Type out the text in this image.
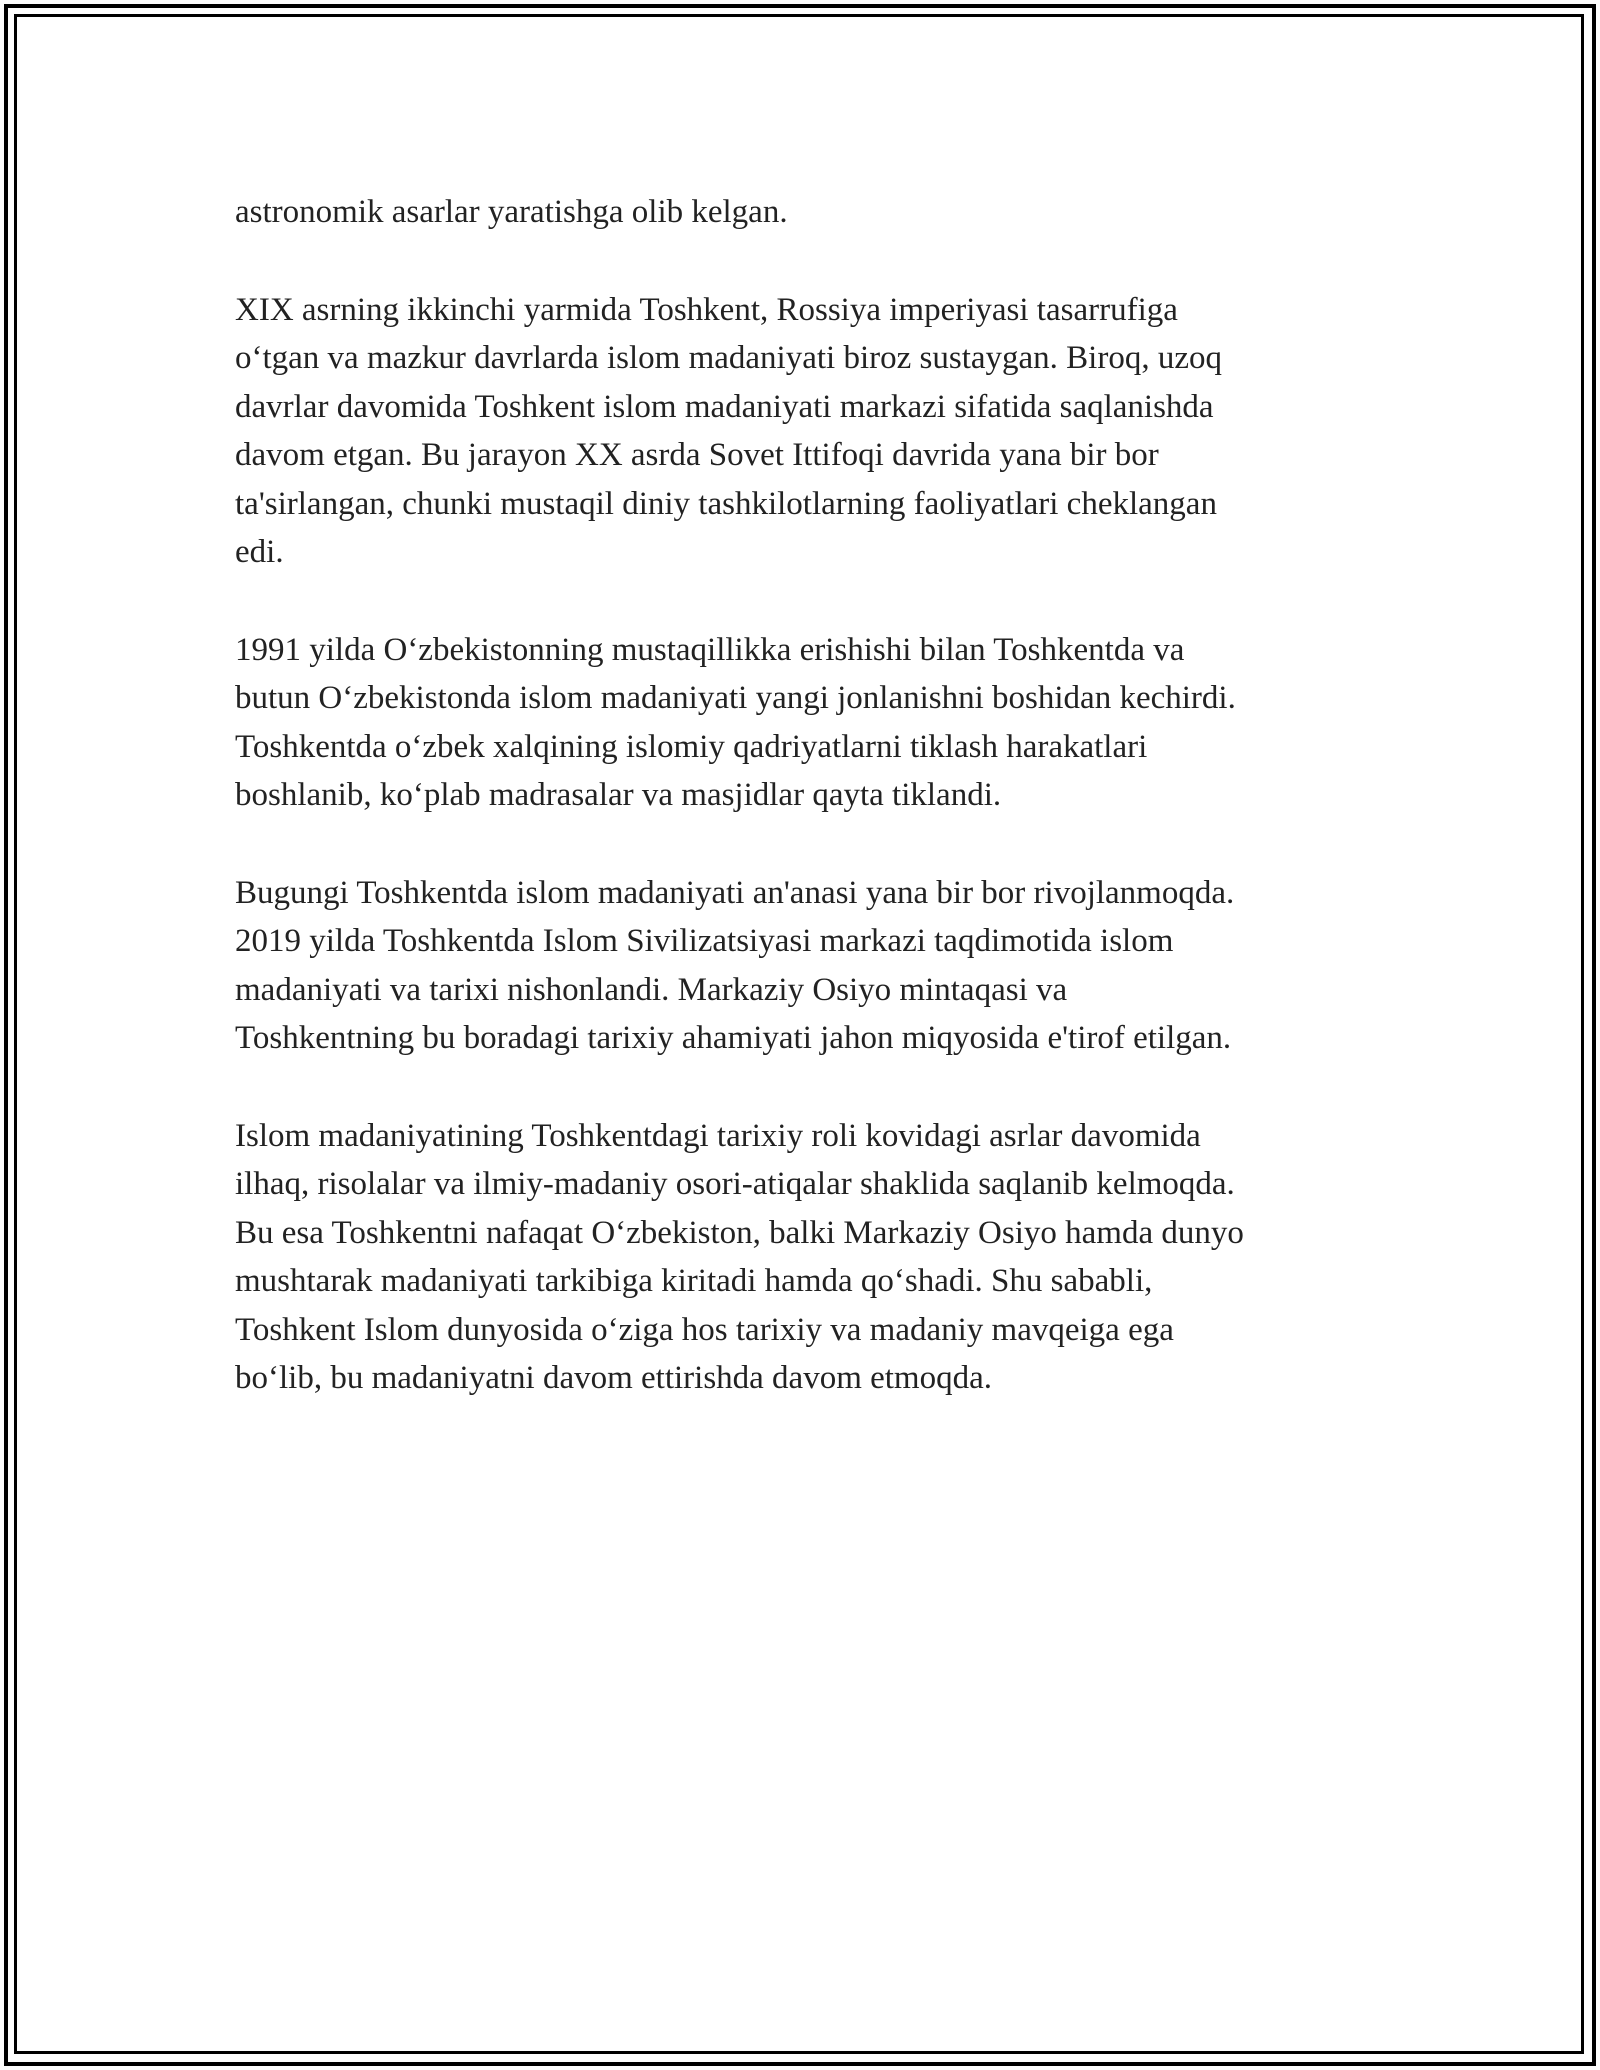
astronomik asarlar yaratishga olib kelgan.

XIX asrning ikkinchi yarmida Toshkent, Rossiya imperiyasi tasarrufiga
o‘tgan va mazkur davrlarda islom madaniyati biroz sustaygan. Biroq, uzoq
davrlar davomida Toshkent islom madaniyati markazi sifatida saqlanishda
davom etgan. Bu jarayon XX asrda Sovet Ittifoqi davrida yana bir bor
ta'sirlangan, chunki mustaqil diniy tashkilotlarning faoliyatlari cheklangan
edi.

1991 yilda O‘zbekistonning mustaqillikka erishishi bilan Toshkentda va
butun O‘zbekistonda islom madaniyati yangi jonlanishni boshidan kechirdi.
Toshkentda o‘zbek xalqining islomiy qadriyatlarni tiklash harakatlari
boshlanib, ko‘plab madrasalar va masjidlar qayta tiklandi.

Bugungi Toshkentda islom madaniyati an'anasi yana bir bor rivojlanmoqda.
2019 yilda Toshkentda Islom Sivilizatsiyasi markazi taqdimotida islom
madaniyati va tarixi nishonlandi. Markaziy Osiyo mintaqasi va
Toshkentning bu boradagi tarixiy ahamiyati jahon miqyosida e'tirof etilgan.

Islom madaniyatining Toshkentdagi tarixiy roli kovidagi asrlar davomida
ilhaq, risolalar va ilmiy-madaniy osori-atiqalar shaklida saqlanib kelmoqda.
Bu esa Toshkentni nafaqat O‘zbekiston, balki Markaziy Osiyo hamda dunyo
mushtarak madaniyati tarkibiga kiritadi hamda qo‘shadi. Shu sababli,
Toshkent Islom dunyosida o‘ziga hos tarixiy va madaniy mavqeiga ega
bo‘lib, bu madaniyatni davom ettirishda davom etmoqda.
